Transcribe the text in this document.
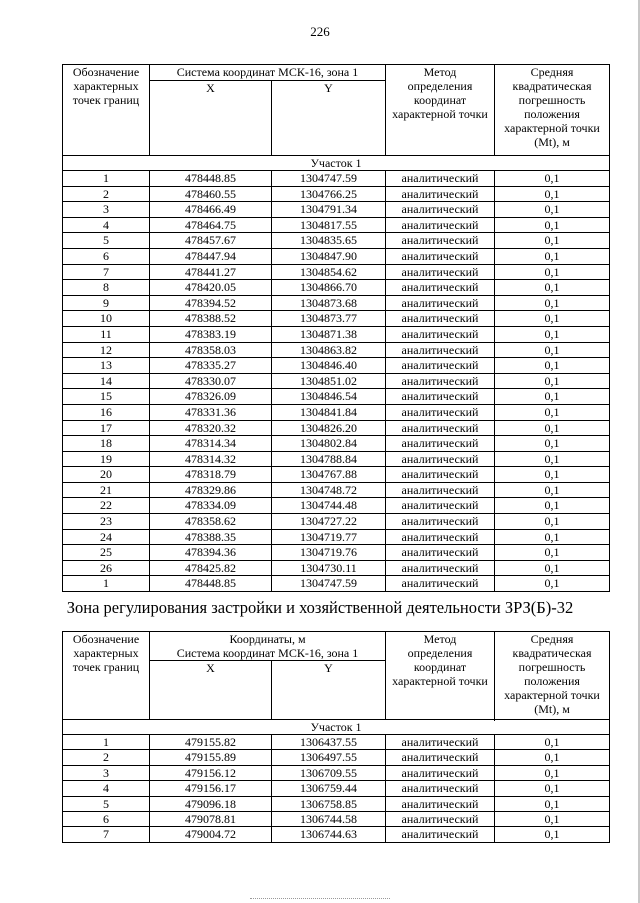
226
Обозначение характерных точек границ	Система координат МСК-16, зона 1		Метод определения координат характерной точки	Средняя квадратическая погрешность положения характерной точки (Mt), м
	X	Y		
Участок 1				
1	478448.85	1304747.59	аналитический	0,1
2	478460.55	1304766.25	аналитический	0,1
3	478466.49	1304791.34	аналитический	0,1
4	478464.75	1304817.55	аналитический	0,1
5	478457.67	1304835.65	аналитический	0,1
6	478447.94	1304847.90	аналитический	0,1
7	478441.27	1304854.62	аналитический	0,1
8	478420.05	1304866.70	аналитический	0,1
9	478394.52	1304873.68	аналитический	0,1
10	478388.52	1304873.77	аналитический	0,1
11	478383.19	1304871.38	аналитический	0,1
12	478358.03	1304863.82	аналитический	0,1
13	478335.27	1304846.40	аналитический	0,1
14	478330.07	1304851.02	аналитический	0,1
15	478326.09	1304846.54	аналитический	0,1
16	478331.36	1304841.84	аналитический	0,1
17	478320.32	1304826.20	аналитический	0,1
18	478314.34	1304802.84	аналитический	0,1
19	478314.32	1304788.84	аналитический	0,1
20	478318.79	1304767.88	аналитический	0,1
21	478329.86	1304748.72	аналитический	0,1
22	478334.09	1304744.48	аналитический	0,1
23	478358.62	1304727.22	аналитический	0,1
24	478388.35	1304719.77	аналитический	0,1
25	478394.36	1304719.76	аналитический	0,1
26	478425.82	1304730.11	аналитический	0,1
1	478448.85	1304747.59	аналитический	0,1
Зона регулирования застройки и хозяйственной деятельности ЗРЗ(Б)-32
Обозначение характерных точек границ	Координаты, м
Система координат МСК-16, зона 1		Метод определения координат характерной точки	Средняя квадратическая погрешность положения характерной точки (Mt), м
	X	Y		

Участок 1				
1	479155.82	1306437.55	аналитический	0,1
2	479155.89	1306497.55	аналитический	0,1
3	479156.12	1306709.55	аналитический	0,1
4	479156.17	1306759.44	аналитический	0,1
5	479096.18	1306758.85	аналитический	0,1
6	479078.81	1306744.58	аналитический	0,1
7	479004.72	1306744.63	аналитический	0,1
